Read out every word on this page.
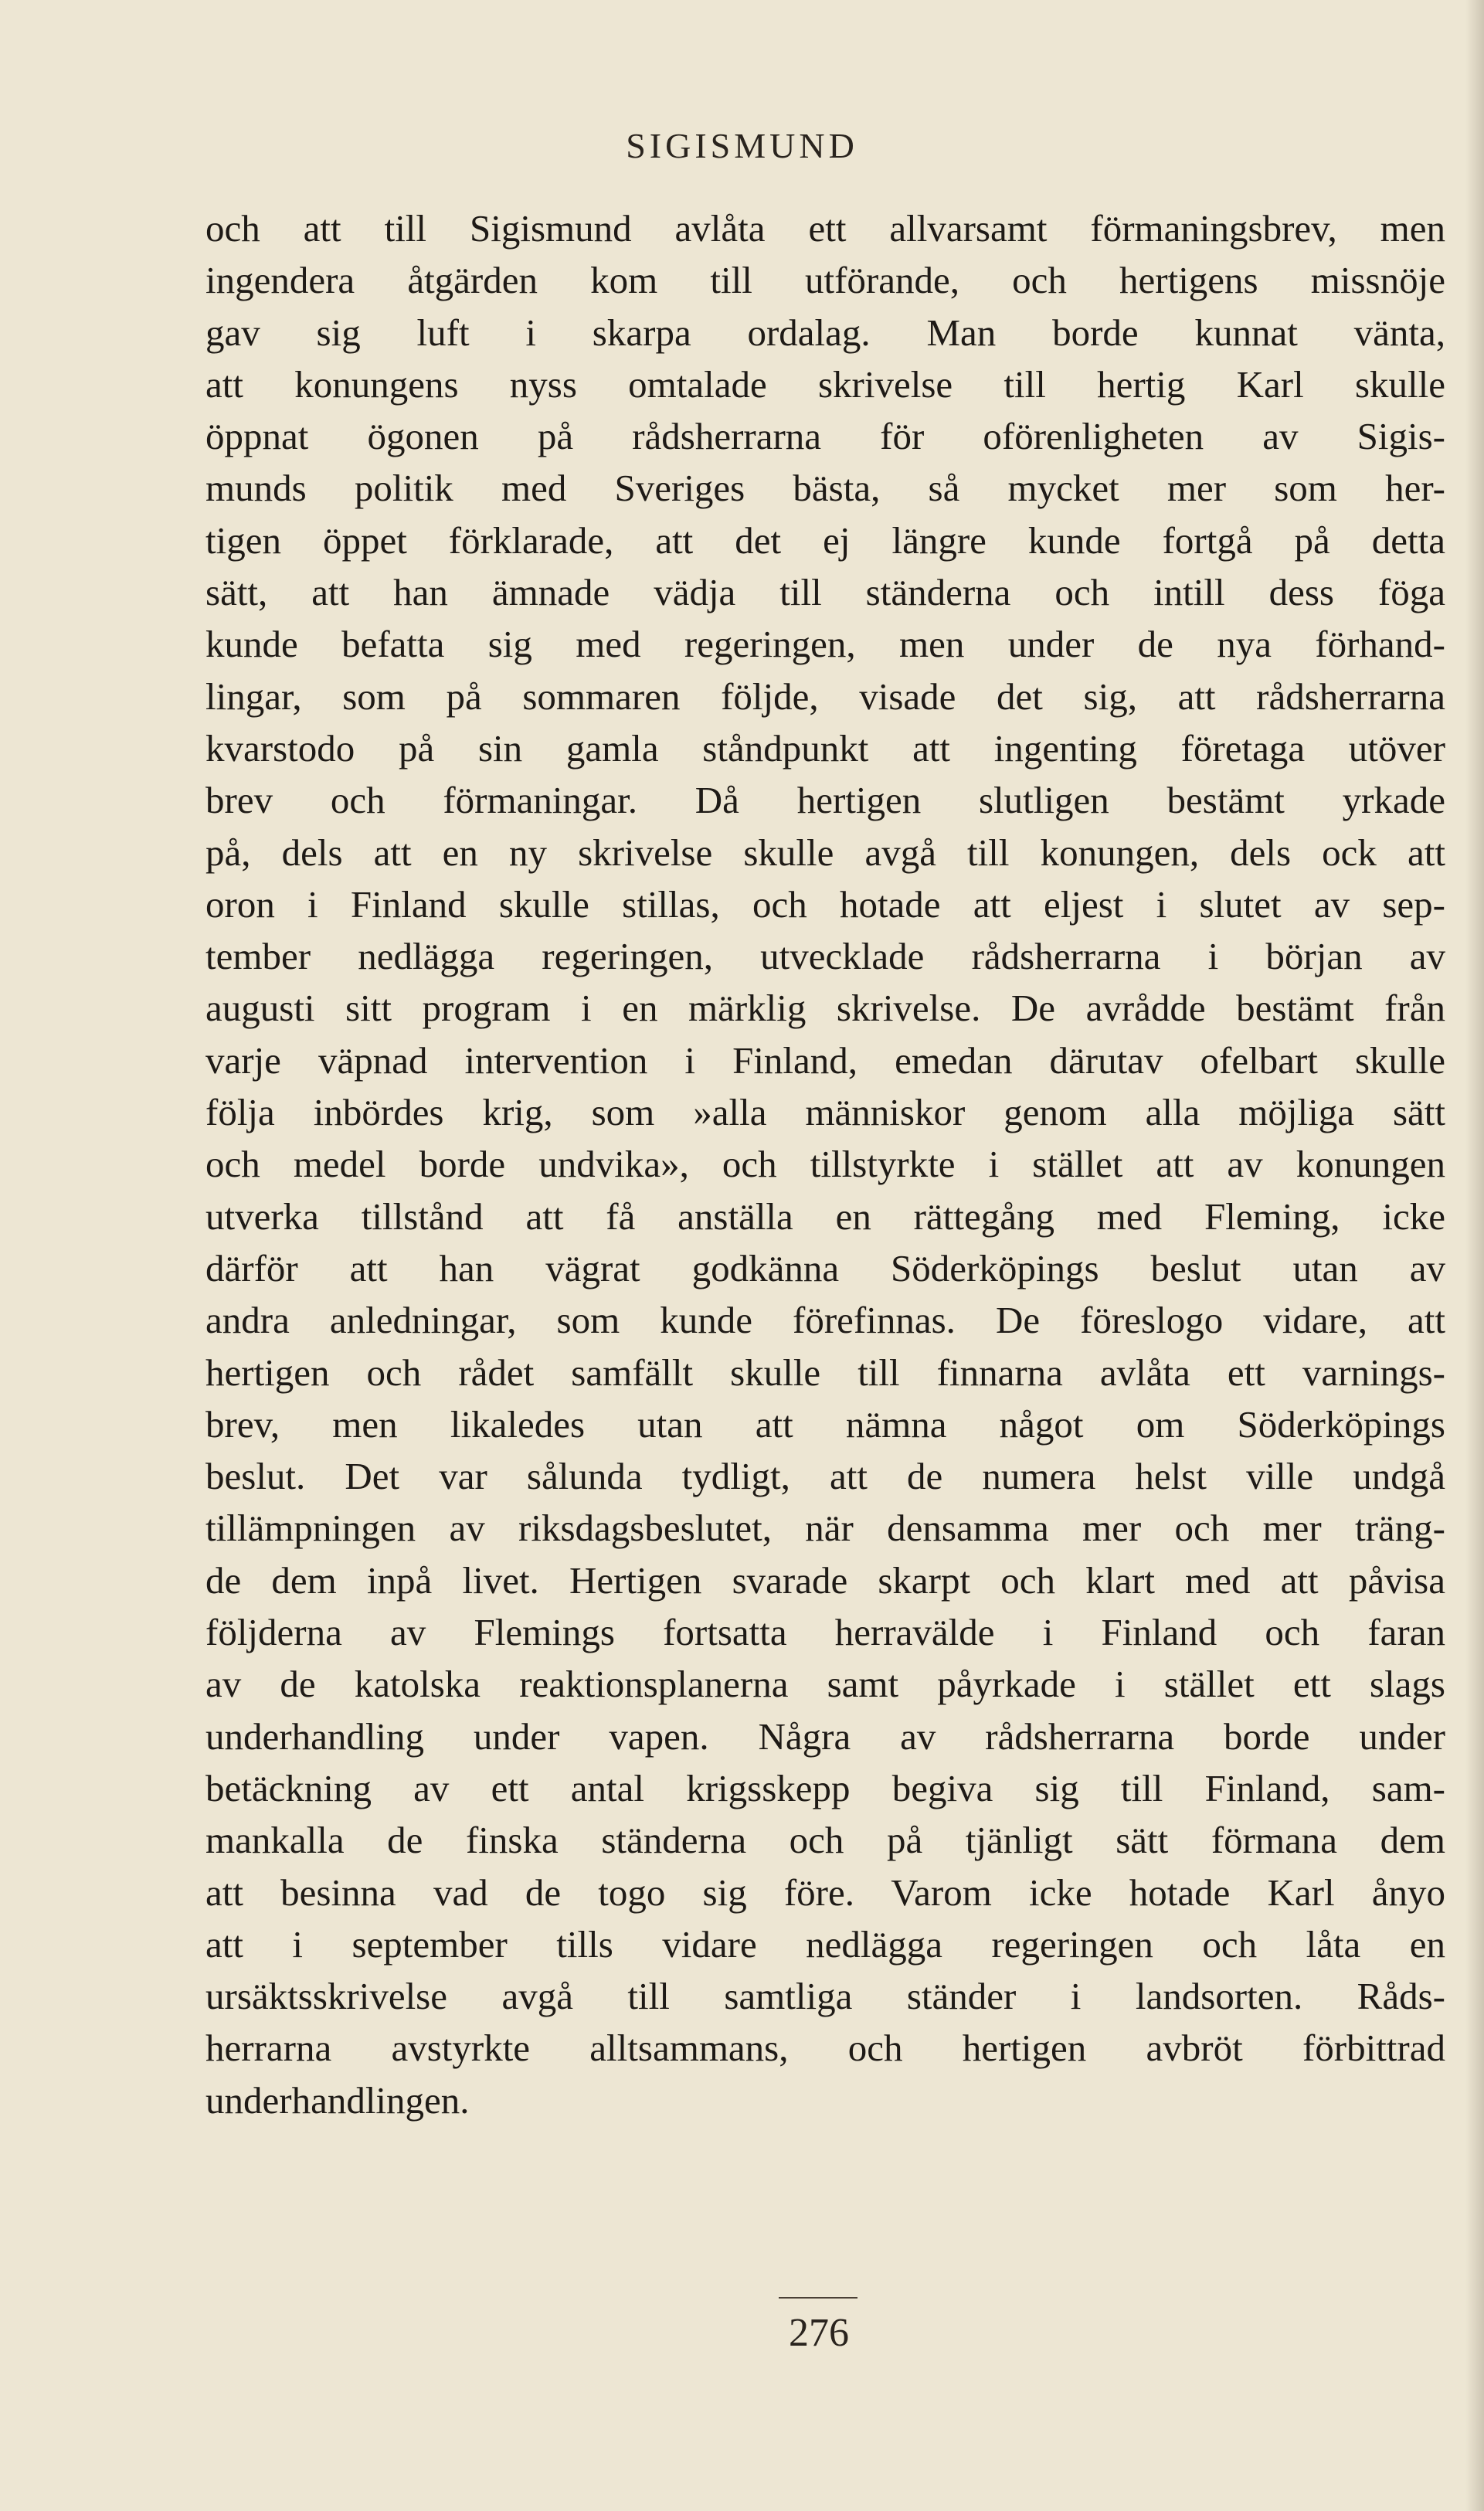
SIGISMUND
och att till Sigismund avlåta ett allvarsamt förmaningsbrev, men
ingendera åtgärden kom till utförande, och hertigens missnöje
gav sig luft i skarpa ordalag. Man borde kunnat vänta,
att konungens nyss omtalade skrivelse till hertig Karl skulle
öppnat ögonen på rådsherrarna för oförenligheten av Sigis-
munds politik med Sveriges bästa, så mycket mer som her-
tigen öppet förklarade, att det ej längre kunde fortgå på detta
sätt, att han ämnade vädja till ständerna och intill dess föga
kunde befatta sig med regeringen, men under de nya förhand-
lingar, som på sommaren följde, visade det sig, att rådsherrarna
kvarstodo på sin gamla ståndpunkt att ingenting företaga utöver
brev och förmaningar. Då hertigen slutligen bestämt yrkade
på, dels att en ny skrivelse skulle avgå till konungen, dels ock att
oron i Finland skulle stillas, och hotade att eljest i slutet av sep-
tember nedlägga regeringen, utvecklade rådsherrarna i början av
augusti sitt program i en märklig skrivelse. De avrådde bestämt från
varje väpnad intervention i Finland, emedan därutav ofelbart skulle
följa inbördes krig, som »alla människor genom alla möjliga sätt
och medel borde undvika», och tillstyrkte i stället att av konungen
utverka tillstånd att få anställa en rättegång med Fleming, icke
därför att han vägrat godkänna Söderköpings beslut utan av
andra anledningar, som kunde förefinnas. De föreslogo vidare, att
hertigen och rådet samfällt skulle till finnarna avlåta ett varnings-
brev, men likaledes utan att nämna något om Söderköpings
beslut. Det var sålunda tydligt, att de numera helst ville undgå
tillämpningen av riksdagsbeslutet, när densamma mer och mer träng-
de dem inpå livet. Hertigen svarade skarpt och klart med att påvisa
följderna av Flemings fortsatta herravälde i Finland och faran
av de katolska reaktionsplanerna samt påyrkade i stället ett slags
underhandling under vapen. Några av rådsherrarna borde under
betäckning av ett antal krigsskepp begiva sig till Finland, sam-
mankalla de finska ständerna och på tjänligt sätt förmana dem
att besinna vad de togo sig före. Varom icke hotade Karl ånyo
att i september tills vidare nedlägga regeringen och låta en
ursäktsskrivelse avgå till samtliga ständer i landsorten. Råds-
herrarna avstyrkte alltsammans, och hertigen avbröt förbittrad
underhandlingen.
276
